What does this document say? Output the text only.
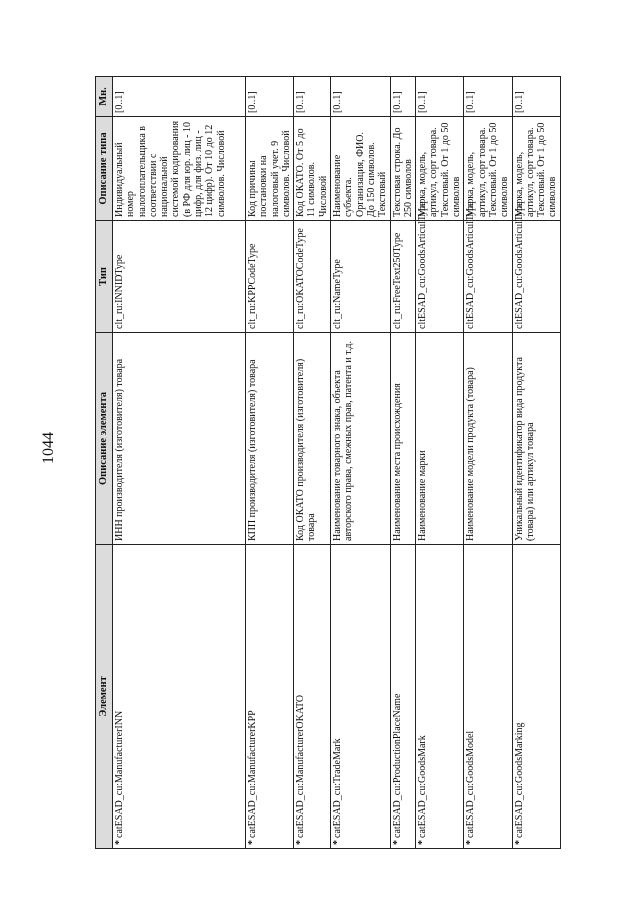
1044
Элемент	Описание элемента	Тип	Описание типа	Мн.
*catESAD_cu:ManufacturerINN	ИНН производителя (изготовителя) товара	clt_ru:INNIDType	Индивидуальный номер налогоплательщика в соответствии с национальной системой кодирования (в РФ для юр. лиц - 10 цифр, для физ. лиц - 12 цифр). От 10 до 12 символов. Числовой	[0..1]
*catESAD_cu:ManufacturerKPP	КПП производителя (изготовителя) товара	clt_ru:KPPCodeType	Код причины постановки на налоговый учет. 9 символов. Числовой	[0..1]
*catESAD_cu:ManufacturerOKATO	Код ОКАТО производителя (изготовителя) товара	clt_ru:OKATOCodeType	Код ОКАТО. От 5 до 11 символов. Числовой	[0..1]
*catESAD_cu:TradeMark	Наименование товарного знака, объекта авторского права, смежных прав, патента и т.д.	clt_ru:NameType	Наименование субъекта. Организация, ФИО. До 150 символов. Текстовый	[0..1]
*catESAD_cu:ProductionPlaceName	Наименование места происхождения	clt_ru:FreeText250Type	Текстовая строка. До 250 символов	[0..1]
*catESAD_cu:GoodsMark	Наименование марки	cltESAD_cu:GoodsArticulType	Марка, модель, артикул, сорт товара. Текстовый. От 1 до 50 символов	[0..1]
*catESAD_cu:GoodsModel	Наименование модели продукта (товара)	cltESAD_cu:GoodsArticulType	Марка, модель, артикул, сорт товара. Текстовый. От 1 до 50 символов	[0..1]
*catESAD_cu:GoodsMarking	Уникальный идентификатор вида продукта (товара) или артикул товара	cltESAD_cu:GoodsArticulType	Марка, модель, артикул, сорт товара. Текстовый. От 1 до 50 символов	[0..1]
